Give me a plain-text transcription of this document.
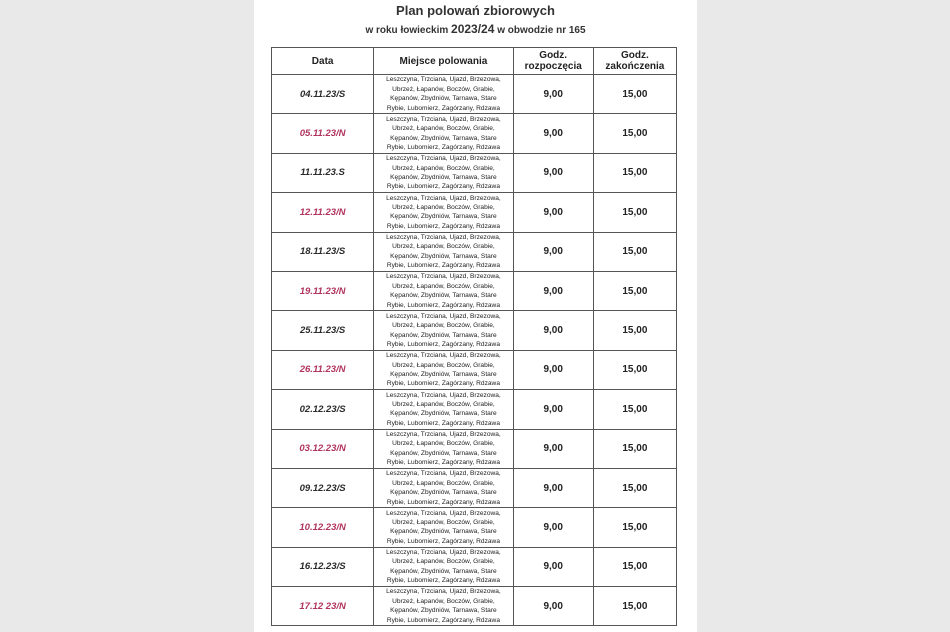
Plan polowań zbiorowych
w roku łowieckim 2023/24 w obwodzie nr 165
Data	Miejsce polowania	Godz. rozpoczęcia	Godz. zakończenia
04.11.23/S	Leszczyna, Trzciana, Ujazd, Brzezowa,
Ubrzeż, Łapanów, Boczów, Grabie,
Kępanów, Zbydniów, Tarnawa, Stare
Rybie, Lubomierz, Zagórzany, Rdzawa	9,00	15,00
05.11.23/N	Leszczyna, Trzciana, Ujazd, Brzezowa,
Ubrzeż, Łapanów, Boczów, Grabie,
Kępanów, Zbydniów, Tarnawa, Stare
Rybie, Lubomierz, Zagórzany, Rdzawa	9,00	15,00
11.11.23.S	Leszczyna, Trzciana, Ujazd, Brzezowa,
Ubrzeż, Łapanów, Boczów, Grabie,
Kępanów, Zbydniów, Tarnawa, Stare
Rybie, Lubomierz, Zagórzany, Rdzawa	9,00	15,00
12.11.23/N	Leszczyna, Trzciana, Ujazd, Brzezowa,
Ubrzeż, Łapanów, Boczów, Grabie,
Kępanów, Zbydniów, Tarnawa, Stare
Rybie, Lubomierz, Zagórzany, Rdzawa	9,00	15,00
18.11.23/S	Leszczyna, Trzciana, Ujazd, Brzezowa,
Ubrzeż, Łapanów, Boczów, Grabie,
Kępanów, Zbydniów, Tarnawa, Stare
Rybie, Lubomierz, Zagórzany, Rdzawa	9,00	15,00
19.11.23/N	Leszczyna, Trzciana, Ujazd, Brzezowa,
Ubrzeż, Łapanów, Boczów, Grabie,
Kępanów, Zbydniów, Tarnawa, Stare
Rybie, Lubomierz, Zagórzany, Rdzawa	9,00	15,00
25.11.23/S	Leszczyna, Trzciana, Ujazd, Brzezowa,
Ubrzeż, Łapanów, Boczów, Grabie,
Kępanów, Zbydniów, Tarnawa, Stare
Rybie, Lubomierz, Zagórzany, Rdzawa	9,00	15,00
26.11.23/N	Leszczyna, Trzciana, Ujazd, Brzezowa,
Ubrzeż, Łapanów, Boczów, Grabie,
Kępanów, Zbydniów, Tarnawa, Stare
Rybie, Lubomierz, Zagórzany, Rdzawa	9,00	15,00
02.12.23/S	Leszczyna, Trzciana, Ujazd, Brzezowa,
Ubrzeż, Łapanów, Boczów, Grabie,
Kępanów, Zbydniów, Tarnawa, Stare
Rybie, Lubomierz, Zagórzany, Rdzawa	9,00	15,00
03.12.23/N	Leszczyna, Trzciana, Ujazd, Brzezowa,
Ubrzeż, Łapanów, Boczów, Grabie,
Kępanów, Zbydniów, Tarnawa, Stare
Rybie, Lubomierz, Zagórzany, Rdzawa	9,00	15,00
09.12.23/S	Leszczyna, Trzciana, Ujazd, Brzezowa,
Ubrzeż, Łapanów, Boczów, Grabie,
Kępanów, Zbydniów, Tarnawa, Stare
Rybie, Lubomierz, Zagórzany, Rdzawa	9,00	15,00
10.12.23/N	Leszczyna, Trzciana, Ujazd, Brzezowa,
Ubrzeż, Łapanów, Boczów, Grabie,
Kępanów, Zbydniów, Tarnawa, Stare
Rybie, Lubomierz, Zagórzany, Rdzawa	9,00	15,00
16.12.23/S	Leszczyna, Trzciana, Ujazd, Brzezowa,
Ubrzeż, Łapanów, Boczów, Grabie,
Kępanów, Zbydniów, Tarnawa, Stare
Rybie, Lubomierz, Zagórzany, Rdzawa	9,00	15,00
17.12 23/N	Leszczyna, Trzciana, Ujazd, Brzezowa,
Ubrzeż, Łapanów, Boczów, Grabie,
Kępanów, Zbydniów, Tarnawa, Stare
Rybie, Lubomierz, Zagórzany, Rdzawa	9,00	15,00
